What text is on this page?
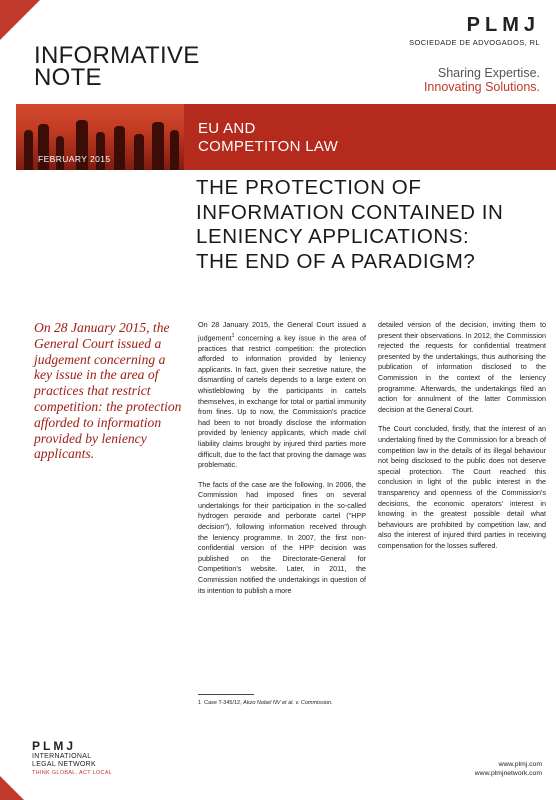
INFORMATIVE
NOTE
PLMJ
SOCIEDADE DE ADVOGADOS, RL
Sharing Expertise.
Innovating Solutions.
FEBRUARY 2015
EU AND
COMPETITON LAW
THE PROTECTION OF
INFORMATION CONTAINED IN
LENIENCY APPLICATIONS:
THE END OF A PARADIGM?
On 28 January 2015, the General Court issued a judgement concerning a key issue in the area of practices that restrict competition: the protection afforded to information provided by leniency applicants.

On 28 January 2015, the General Court issued a judgement$^1$ concerning a key issue in the area of practices that restrict competition: the protection afforded to information provided by leniency applicants. In fact, given their secretive nature, the dismantling of cartels depends to a large extent on whistleblowing by the participants in cartels themselves, in exchange for total or partial immunity from fines. Up to now, the Commission's practice had been to not broadly disclose the information provided by leniency applicants, which made civil liability claims brought by injured third parties more difficult, due to the fact that proving the damage was problematic.

The facts of the case are the following. In 2006, the Commission had imposed fines on several undertakings for their participation in the so-called hydrogen peroxide and perborate cartel ("HPP decision"), following information received through the leniency programme. In 2007, the first non-confidential version of the HPP decision was published on the Directorate-General for Competition's website. Later, in 2011, the Commission notified the undertakings in question of its intention to publish a more

detailed version of the decision, inviting them to present their observations. In 2012, the Commission rejected the requests for confidential treatment presented by the undertakings, thus authorising the publication of information disclosed to the Commission in the context of the leniency programme. Afterwards, the undertakings filed an action for annulment of the latter Commission decision at the General Court.

The Court concluded, firstly, that the interest of an undertaking fined by the Commission for a breach of competition law in the details of its illegal behaviour not being disclosed to the public does not deserve special protection. The Court reached this conclusion in light of the public interest in the transparency and openness of the Commission's decisions, the economic operators' interest in knowing in the greatest possible detail what behaviours are prohibited by competition law, and also the interest of injured third parties in receiving compensation for the losses suffered.

1 Case T-345/12, Akzo Nobel NV et al. v. Commission.
PLMJ
INTERNATIONAL
LEGAL NETWORK
THINK GLOBAL, ACT LOCAL
www.plmj.com
www.plmjnetwork.com
